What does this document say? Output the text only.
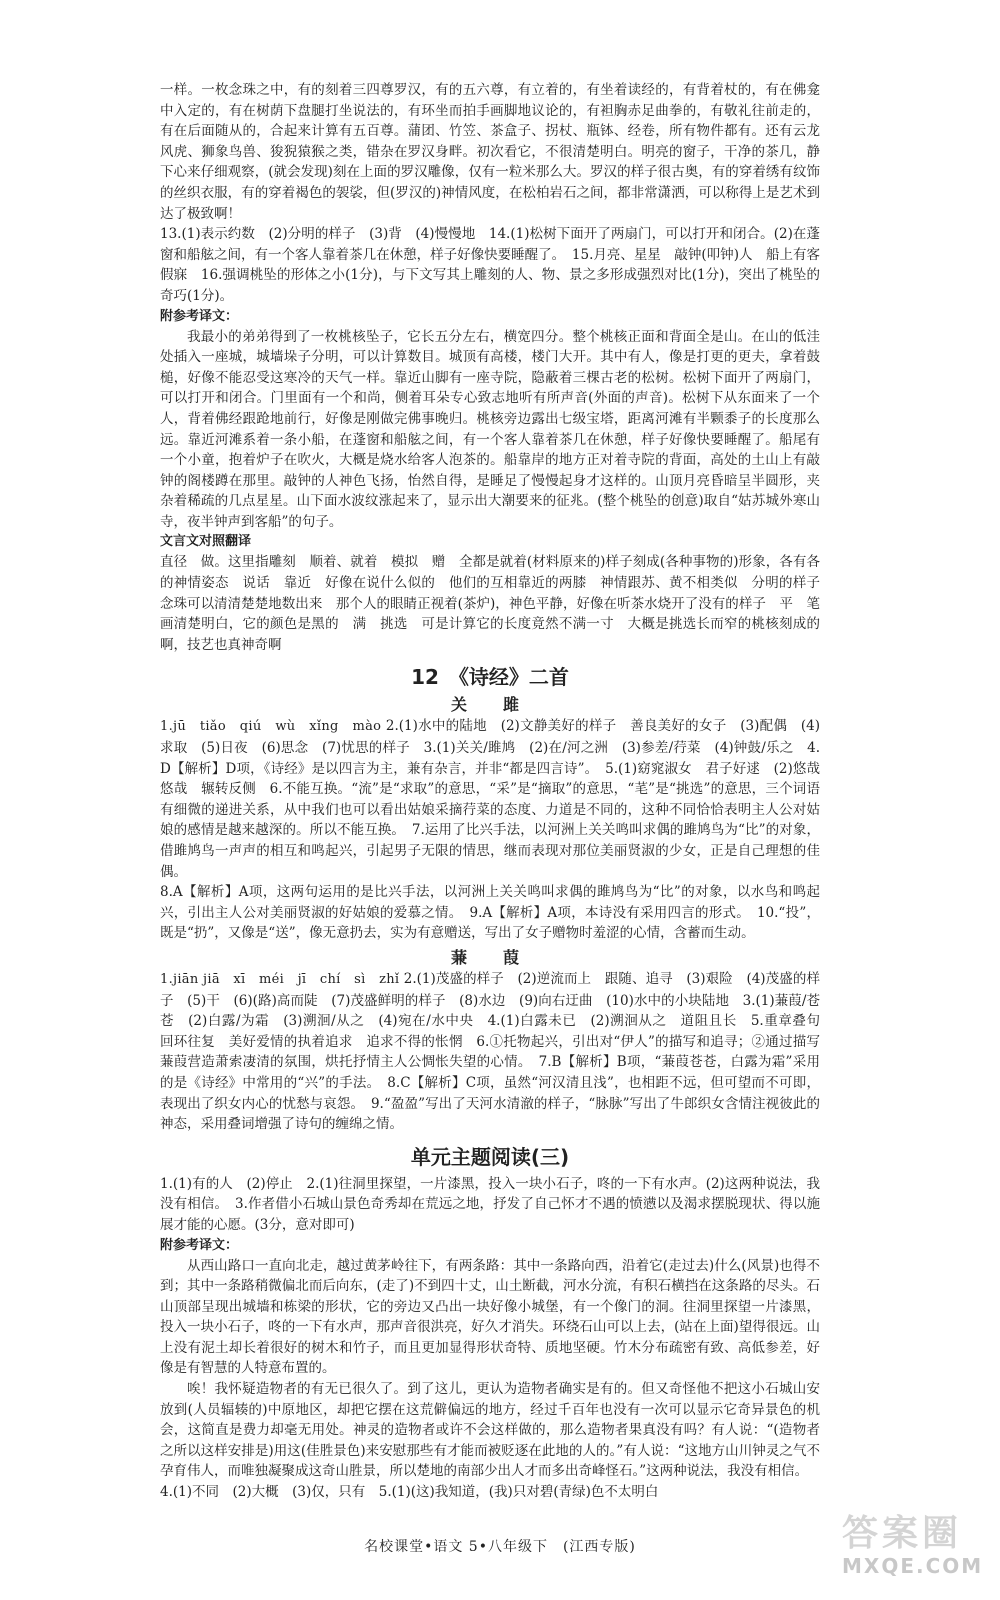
一样。一枚念珠之中，有的刻着三四尊罗汉，有的五六尊，有立着的，有坐着读经的，有背着杖的，有在佛龛中入定的，有在树荫下盘腿打坐说法的，有环坐而拍手画脚地议论的，有袒胸赤足曲拳的，有敬礼往前走的，有在后面随从的，合起来计算有五百尊。蒲团、竹笠、茶盒子、拐杖、瓶钵、经卷，所有物件都有。还有云龙风虎、狮象鸟兽、狻猊猿猴之类，错杂在罗汉身畔。初次看它，不很清楚明白。明亮的窗子，干净的茶几，静下心来仔细观察，(就会发现)刻在上面的罗汉雕像，仅有一粒米那么大。罗汉的样子很古奥，有的穿着绣有纹饰的丝织衣服，有的穿着褐色的袈裟，但(罗汉的)神情风度，在松柏岩石之间，都非常潇洒，可以称得上是艺术到达了极致啊！

13.(1)表示约数　(2)分明的样子　(3)背　(4)慢慢地　14.(1)松树下面开了两扇门，可以打开和闭合。(2)在蓬窗和船舷之间，有一个客人靠着茶几在休憩，样子好像快要睡醒了。　15.月亮、星星　敲钟(叩钟)人　船上有客假寐　16.强调桃坠的形体之小(1分)，与下文写其上雕刻的人、物、景之多形成强烈对比(1分)，突出了桃坠的奇巧(1分)。

附参考译文：

我最小的弟弟得到了一枚桃核坠子，它长五分左右，横宽四分。整个桃核正面和背面全是山。在山的低洼处插入一座城，城墙垛子分明，可以计算数目。城顶有高楼，楼门大开。其中有人，像是打更的更夫，拿着鼓槌，好像不能忍受这寒冷的天气一样。靠近山脚有一座寺院，隐蔽着三棵古老的松树。松树下面开了两扇门，可以打开和闭合。门里面有一个和尚，侧着耳朵专心致志地听有所声音(外面的声音)。松树下从东面来了一个人，背着佛经跟跄地前行，好像是刚做完佛事晚归。桃核旁边露出七级宝塔，距离河滩有半颗黍子的长度那么远。靠近河滩系着一条小船，在蓬窗和船舷之间，有一个客人靠着茶几在休憩，样子好像快要睡醒了。船尾有一个小童，抱着炉子在吹火，大概是烧水给客人泡茶的。船靠岸的地方正对着寺院的背面，高处的土山上有敲钟的阁楼蹲在那里。敲钟的人神色飞扬，怡然自得，是睡足了慢慢起身才这样的。山顶月亮昏暗呈半圆形，夹杂着稀疏的几点星星。山下面水波纹涨起来了，显示出大潮要来的征兆。(整个桃坠的创意)取自“姑苏城外寒山寺，夜半钟声到客船”的句子。

文言文对照翻译

直径　做。这里指雕刻　顺着、就着　模拟　赠　全都是就着(材料原来的)样子刻成(各种事物的)形象，各有各的神情姿态　说话　靠近　好像在说什么似的　他们的互相靠近的两膝　神情跟苏、黄不相类似　分明的样子　念珠可以清清楚楚地数出来　那个人的眼睛正视着(茶炉)，神色平静，好像在听茶水烧开了没有的样子　平　笔画清楚明白，它的颜色是黑的　满　挑选　可是计算它的长度竟然不满一寸　大概是挑选长而窄的桃核刻成的　啊，技艺也真神奇啊

12　《诗经》二首
关　雎

1.jū　tiǎo　qiú　wù　xǐng　mào 2.(1)水中的陆地　(2)文静美好的样子　善良美好的女子　(3)配偶　(4)求取　(5)日夜　(6)思念　(7)忧思的样子　3.(1)关关/雎鸠　(2)在/河之洲　(3)参差/荇菜　(4)钟鼓/乐之　4.D【解析】D项，《诗经》是以四言为主，兼有杂言，并非“都是四言诗”。　5.(1)窈窕淑女　君子好逑　(2)悠哉悠哉　辗转反侧　6.不能互换。“流”是“求取”的意思，“采”是“摘取”的意思，“芼”是“挑选”的意思，三个词语有细微的递进关系，从中我们也可以看出姑娘采摘荇菜的态度、力道是不同的，这种不同恰恰表明主人公对姑娘的感情是越来越深的。所以不能互换。　7.运用了比兴手法，以河洲上关关鸣叫求偶的雎鸠鸟为“比”的对象，借雎鸠鸟一声声的相互和鸣起兴，引起男子无限的情思，继而表现对那位美丽贤淑的少女，正是自己理想的佳偶。

8.A【解析】A项，这两句运用的是比兴手法，以河洲上关关鸣叫求偶的雎鸠鸟为“比”的对象，以水鸟和鸣起兴，引出主人公对美丽贤淑的好姑娘的爱慕之情。　9.A【解析】A项，本诗没有采用四言的形式。　10.“投”，既是“扔”，又像是“送”，像无意扔去，实为有意赠送，写出了女子赠物时羞涩的心情，含蓄而生动。

蒹　葭

1.jiān jiā　xī　méi　jī　chí　sì　zhǐ 2.(1)茂盛的样子　(2)逆流而上　跟随、追寻　(3)艰险　(4)茂盛的样子　(5)干　(6)(路)高而陡　(7)茂盛鲜明的样子　(8)水边　(9)向右迂曲　(10)水中的小块陆地　3.(1)蒹葭/苍苍　(2)白露/为霜　(3)溯洄/从之　(4)宛在/水中央　4.(1)白露未已　(2)溯洄从之　道阻且长　5.重章叠句　回环往复　美好爱情的执着追求　追求不得的怅惘　6.①托物起兴，引出对“伊人”的描写和追寻；②通过描写蒹葭营造萧索凄清的氛围，烘托抒情主人公惆怅失望的心情。　7.B【解析】B项，“蒹葭苍苍，白露为霜”采用的是《诗经》中常用的“兴”的手法。　8.C【解析】C项，虽然“河汉清且浅”，也相距不远，但可望而不可即，表现出了织女内心的忧愁与哀怨。　9.“盈盈”写出了天河水清澈的样子，“脉脉”写出了牛郎织女含情注视彼此的神态，采用叠词增强了诗句的缠绵之情。

单元主题阅读(三)

1.(1)有的人　(2)停止　2.(1)往洞里探望，一片漆黑，投入一块小石子，咚的一下有水声。(2)这两种说法，我没有相信。　3.作者借小石城山景色奇秀却在荒远之地，抒发了自己怀才不遇的愤懑以及渴求摆脱现状、得以施展才能的心愿。(3分，意对即可)

附参考译文：

从西山路口一直向北走，越过黄茅岭往下，有两条路：其中一条路向西，沿着它(走过去)什么(风景)也得不到；其中一条路稍微偏北而后向东，(走了)不到四十丈，山土断截，河水分流，有积石横挡在这条路的尽头。石山顶部呈现出城墙和栋梁的形状，它的旁边又凸出一块好像小城堡，有一个像门的洞。往洞里探望一片漆黑，投入一块小石子，咚的一下有水声，那声音很洪亮，好久才消失。环绕石山可以上去，(站在上面)望得很远。山上没有泥土却长着很好的树木和竹子，而且更加显得形状奇特、质地坚硬。竹木分布疏密有致、高低参差，好像是有智慧的人特意布置的。

唉！我怀疑造物者的有无已很久了。到了这儿，更认为造物者确实是有的。但又奇怪他不把这小石城山安放到(人员辐辏的)中原地区，却把它摆在这荒僻偏远的地方，经过千百年也没有一次可以显示它奇异景色的机会，这简直是费力却毫无用处。神灵的造物者或许不会这样做的，那么造物者果真没有吗？有人说：“(造物者之所以这样安排是)用这(佳胜景色)来安慰那些有才能而被贬逐在此地的人的。”有人说：“这地方山川钟灵之气不孕育伟人，而唯独凝聚成这奇山胜景，所以楚地的南部少出人才而多出奇峰怪石。”这两种说法，我没有相信。

4.(1)不同　(2)大概　(3)仅，只有　5.(1)(这)我知道，(我)只对碧(青绿)色不太明白

名校课堂•语文 5•八年级下　(江西专版)	答案圈
MXQE.COM
